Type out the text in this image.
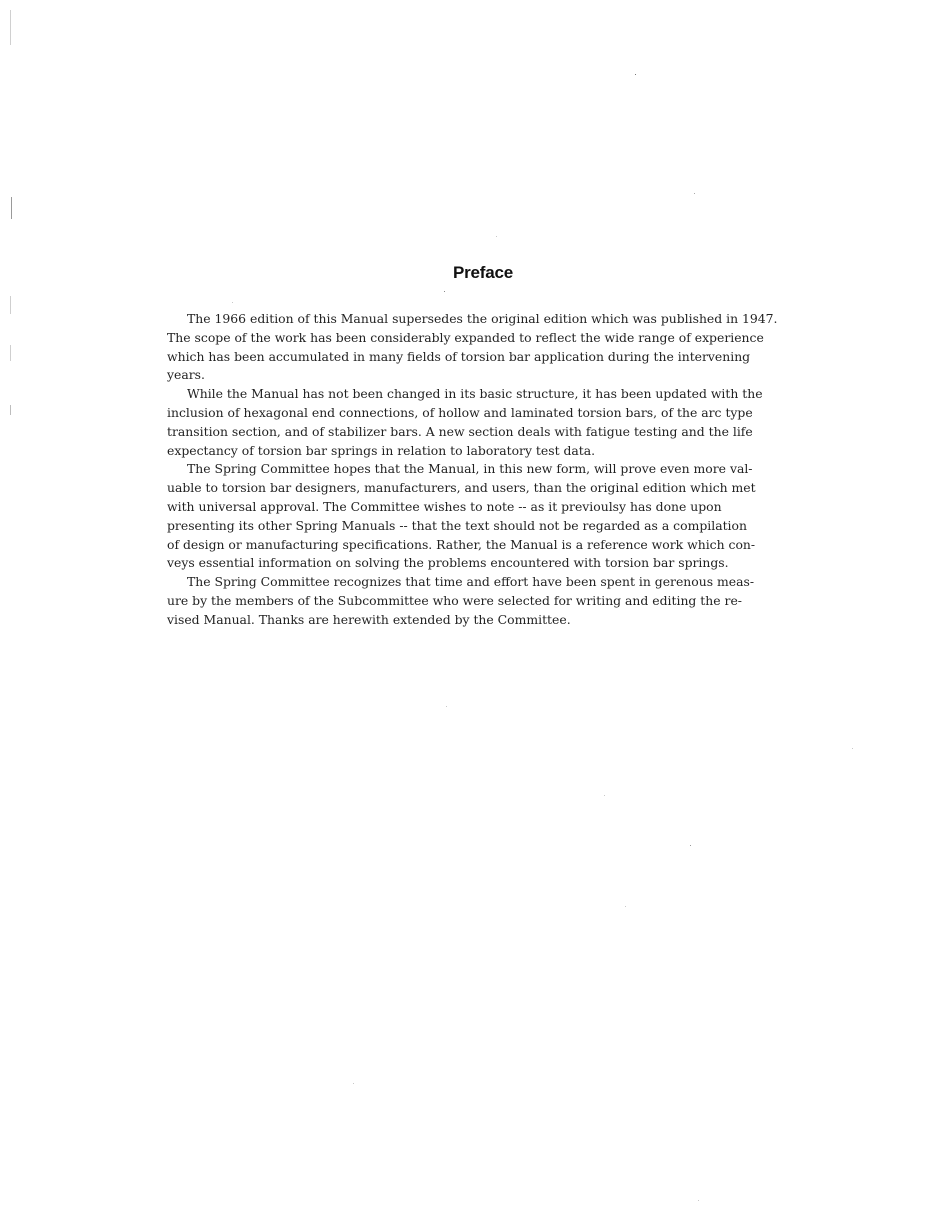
Preface
The 1966 edition of this Manual supersedes the original edition which was published in 1947.
The scope of the work has been considerably expanded to reflect the wide range of experience
which has been accumulated in many fields of torsion bar application during the intervening
years.
While the Manual has not been changed in its basic structure, it has been updated with the
inclusion of hexagonal end connections, of hollow and laminated torsion bars, of the arc type
transition section, and of stabilizer bars. A new section deals with fatigue testing and the life
expectancy of torsion bar springs in relation to laboratory test data.
The Spring Committee hopes that the Manual, in this new form, will prove even more val-
uable to torsion bar designers, manufacturers, and users, than the original edition which met
with universal approval. The Committee wishes to note -- as it previoulsy has done upon
presenting its other Spring Manuals -- that the text should not be regarded as a compilation
of design or manufacturing specifications. Rather, the Manual is a reference work which con-
veys essential information on solving the problems encountered with torsion bar springs.
The Spring Committee recognizes that time and effort have been spent in gerenous meas-
ure by the members of the Subcommittee who were selected for writing and editing the re-
vised Manual. Thanks are herewith extended by the Committee.
